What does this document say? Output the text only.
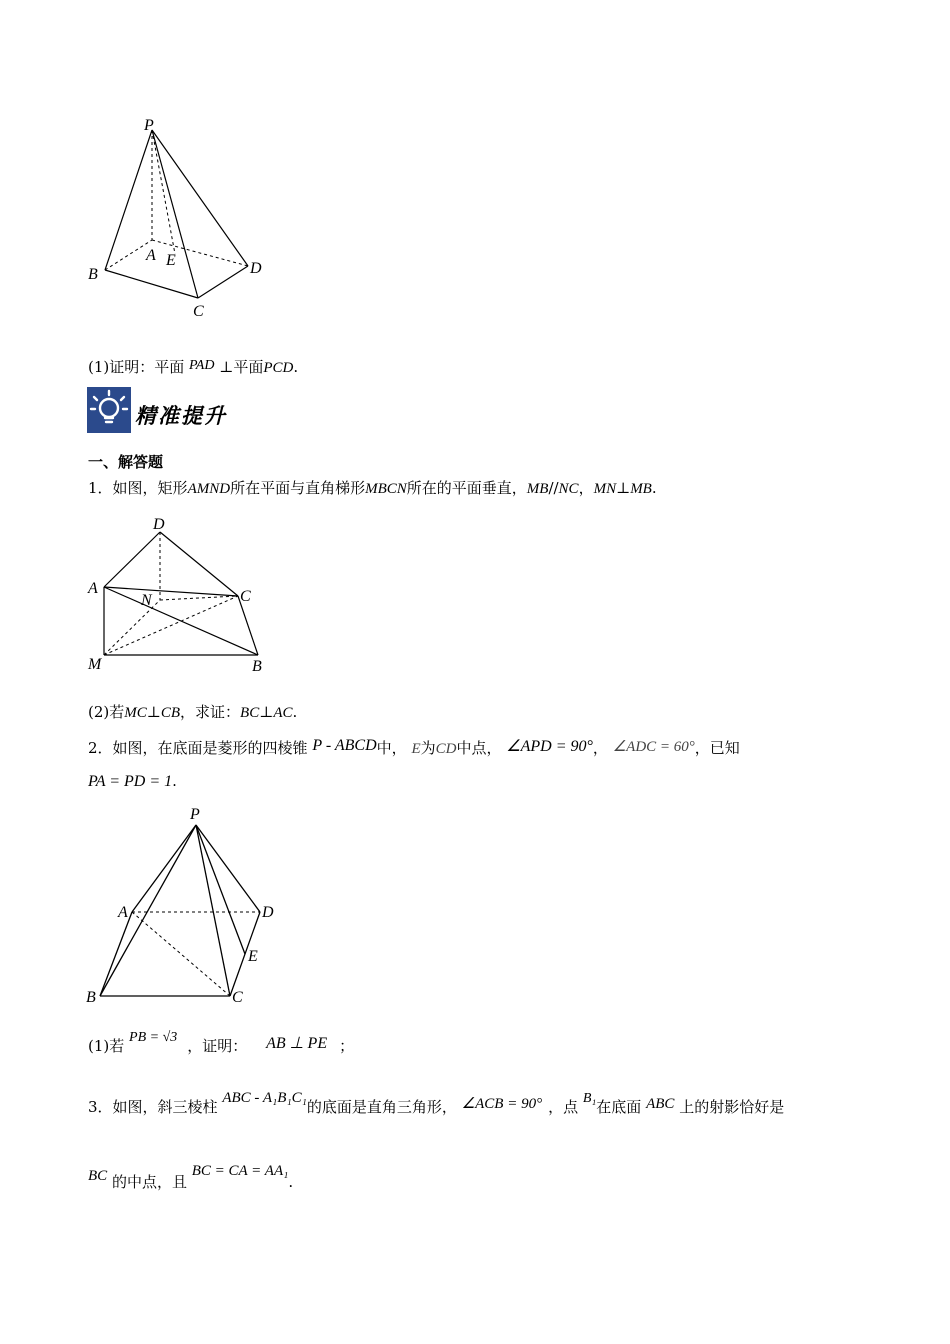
P
A E
B	D
C
(1)证明：平面 PAD ⊥平面PCD.
精准提升
一、解答题
1．如图，矩形AMND所在平面与直角梯形MBCN所在的平面垂直，MB//NC，MN⊥MB.
D
A
N	C
M	B
(2)若MC⊥CB，求证：BC⊥AC.
2．如图，在底面是菱形的四棱锥 P - ABCD中， E为CD中点， ∠APD = 90°， ∠ADC = 60°，已知
PA = PD = 1.
P
A	D
E
B	C
(1)若 PB = √3 ，证明： AB ⊥ PE ；
3．如图，斜三棱柱 ABC - A₁B₁C₁的底面是直角三角形， ∠ACB = 90° ，点 B₁在底面 ABC 上的射影恰好是
BC 的中点，且 BC = CA = AA₁.
